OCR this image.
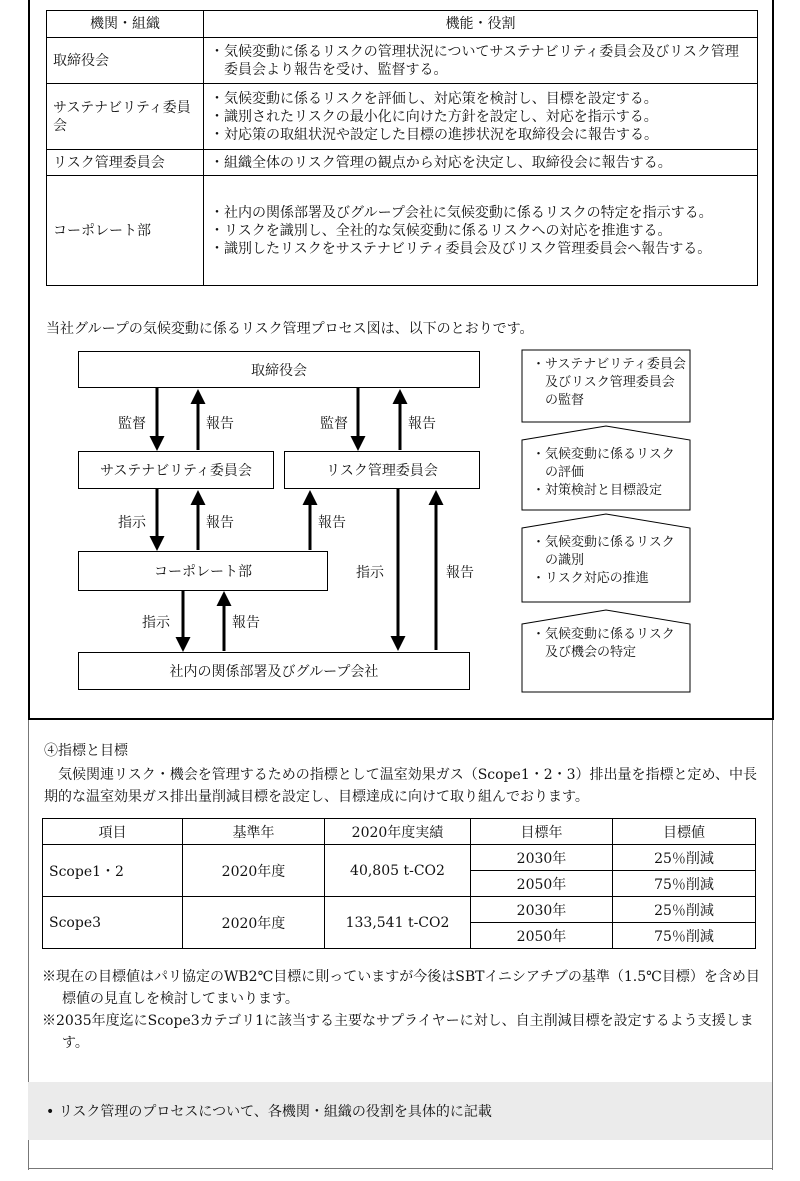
機関・組織	機能・役割
取締役会	・気候変動に係るリスクの管理状況についてサステナビリティ委員会及びリスク管理委員会より報告を受け、監督する。

サステナビリティ委員会	・気候変動に係るリスクを評価し、対応策を検討し、目標を設定する。
・識別されたリスクの最小化に向けた方針を設定し、対応を指示する。
・対応策の取組状況や設定した目標の進捗状況を取締役会に報告する。

リスク管理委員会	・組織全体のリスク管理の観点から対応を決定し、取締役会に報告する。

コーポレート部	・社内の関係部署及びグループ会社に気候変動に係るリスクの特定を指示する。
・リスクを識別し、全社的な気候変動に係るリスクへの対応を推進する。
・識別したリスクをサステナビリティ委員会及びリスク管理委員会へ報告する。
当社グループの気候変動に係るリスク管理プロセス図は、以下のとおりです。
取締役会
サステナビリティ委員会	リスク管理委員会
コーポレート部
社内の関係部署及びグループ会社
監督	報告	監督	報告
指示	報告	報告
指示	報告
指示	報告
・サステナビリティ委員会及びリスク管理委員会の監督
・気候変動に係るリスクの評価
・対策検討と目標設定
・気候変動に係るリスクの識別
・リスク対応の推進
・気候変動に係るリスク及び機会の特定
④指標と目標
気候関連リスク・機会を管理するための指標として温室効果ガス（Scope1・2・3）排出量を指標と定め、中長期的な温室効果ガス排出量削減目標を設定し、目標達成に向けて取り組んでおります。
項目	基準年	2020年度実績	目標年	目標値
Scope1・2	2020年度	40,805 t-CO2	2030年	25％削減
			2050年	75％削減
Scope3	2020年度	133,541 t-CO2	2030年	25％削減
			2050年	75％削減
※現在の目標値はパリ協定のWB2℃目標に則っていますが今後はSBTイニシアチブの基準（1.5℃目標）を含め目標値の見直しを検討してまいります。
※2035年度迄にScope3カテゴリ1に該当する主要なサプライヤーに対し、自主削減目標を設定するよう支援します。
• リスク管理のプロセスについて、各機関・組織の役割を具体的に記載
